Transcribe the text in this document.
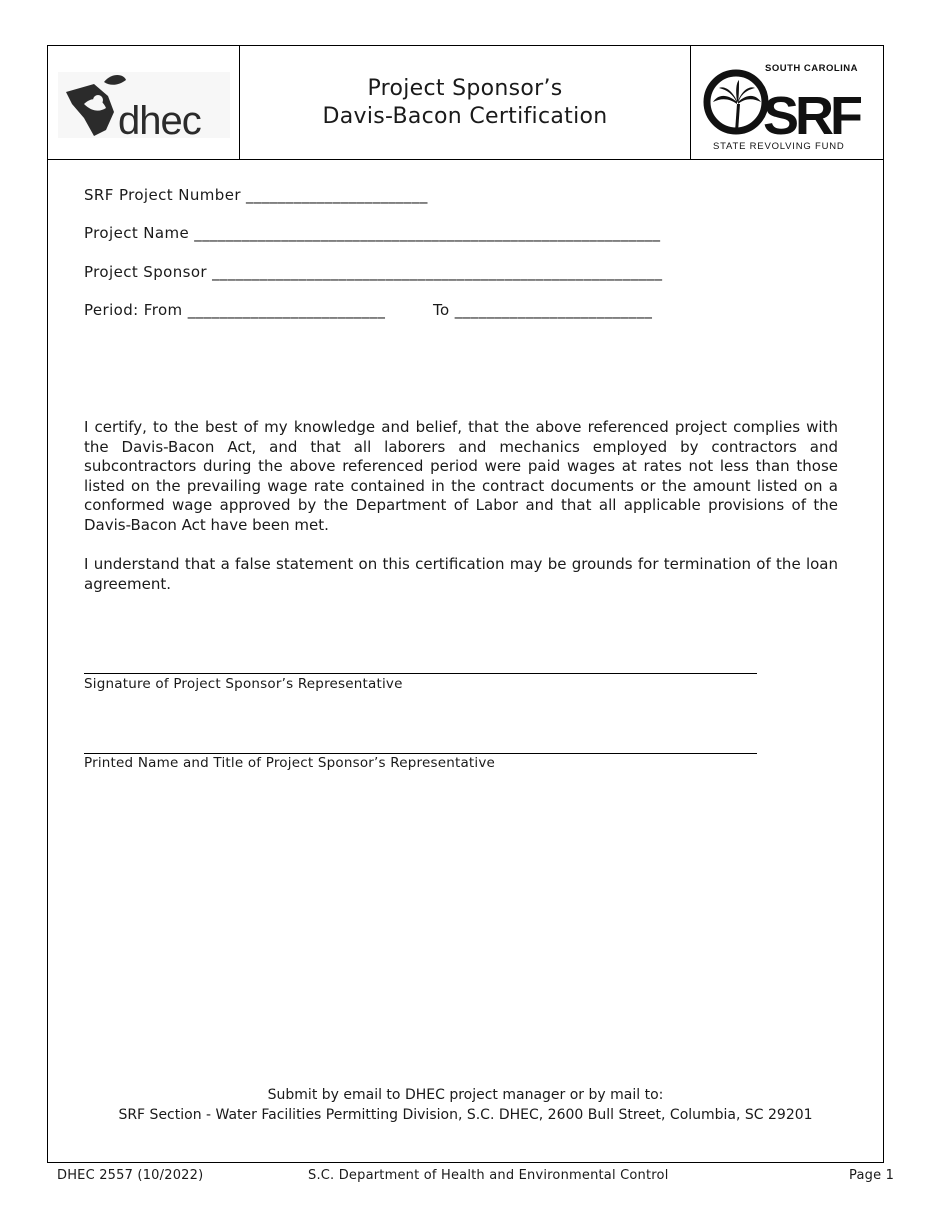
dhec
Project Sponsor’s
Davis-Bacon Certification
SOUTH CAROLINA
SRF
STATE REVOLVING FUND
SRF Project Number _______________________
Project Name ___________________________________________________________
Project Sponsor _________________________________________________________
Period: From _________________________	To _________________________
I certify, to the best of my knowledge and belief, that the above referenced project complies with the Davis-Bacon Act, and that all laborers and mechanics employed by contractors and subcontractors during the above referenced period were paid wages at rates not less than those listed on the prevailing wage rate contained in the contract documents or the amount listed on a conformed wage approved by the Department of Labor and that all applicable provisions of the Davis-Bacon Act have been met.
I understand that a false statement on this certification may be grounds for termination of the loan agreement.
Signature of Project Sponsor’s Representative
Printed Name and Title of Project Sponsor’s Representative
Submit by email to DHEC project manager or by mail to:
SRF Section - Water Facilities Permitting Division, S.C. DHEC, 2600 Bull Street, Columbia, SC 29201
DHEC 2557 (10/2022)	S.C. Department of Health and Environmental Control	Page 1
